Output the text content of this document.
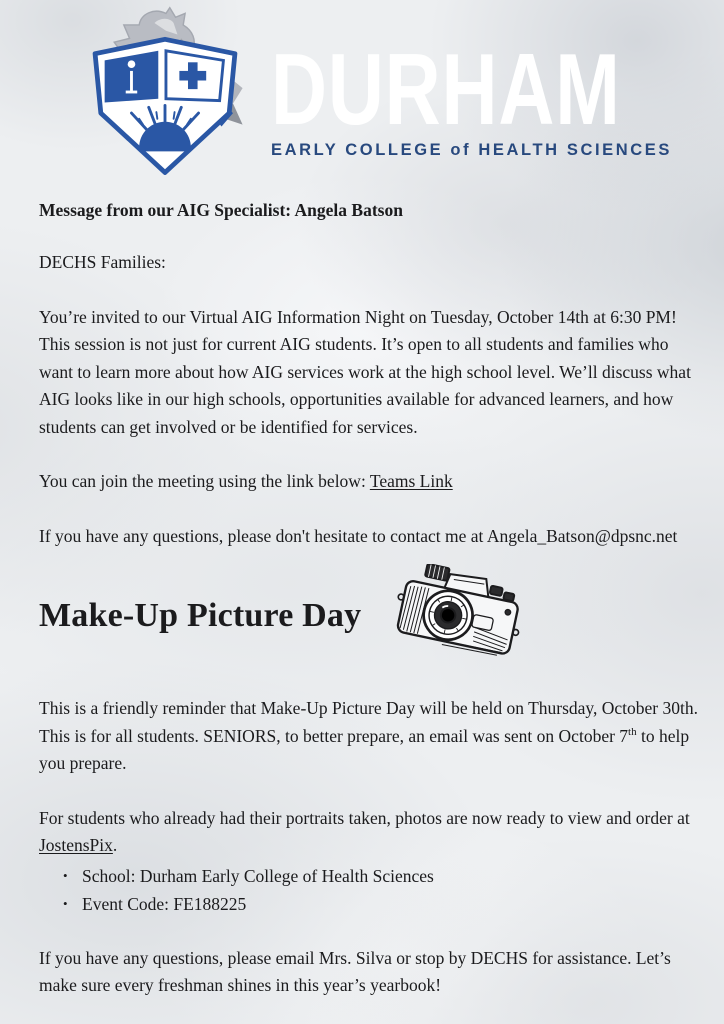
DURHAM
EARLY COLLEGE of HEALTH SCIENCES
Message from our AIG Specialist: Angela Batson

DECHS Families:

You’re invited to our Virtual AIG Information Night on Tuesday, October 14th at 6:30 PM! This session is not just for current AIG students. It’s open to all students and families who want to learn more about how AIG services work at the high school level. We’ll discuss what AIG looks like in our high schools, opportunities available for advanced learners, and how students can get involved or be identified for services.

You can join the meeting using the link below: Teams Link

If you have any questions, please don't hesitate to contact me at Angela_Batson@dpsnc.net

Make-Up Picture Day

This is a friendly reminder that Make-Up Picture Day will be held on Thursday, October 30th. This is for all students. SENIORS, to better prepare, an email was sent on October 7th to help you prepare.

For students who already had their portraits taken, photos are now ready to view and order at JostensPix.

• School: Durham Early College of Health Sciences
• Event Code: FE188225

If you have any questions, please email Mrs. Silva or stop by DECHS for assistance. Let’s make sure every freshman shines in this year’s yearbook!
